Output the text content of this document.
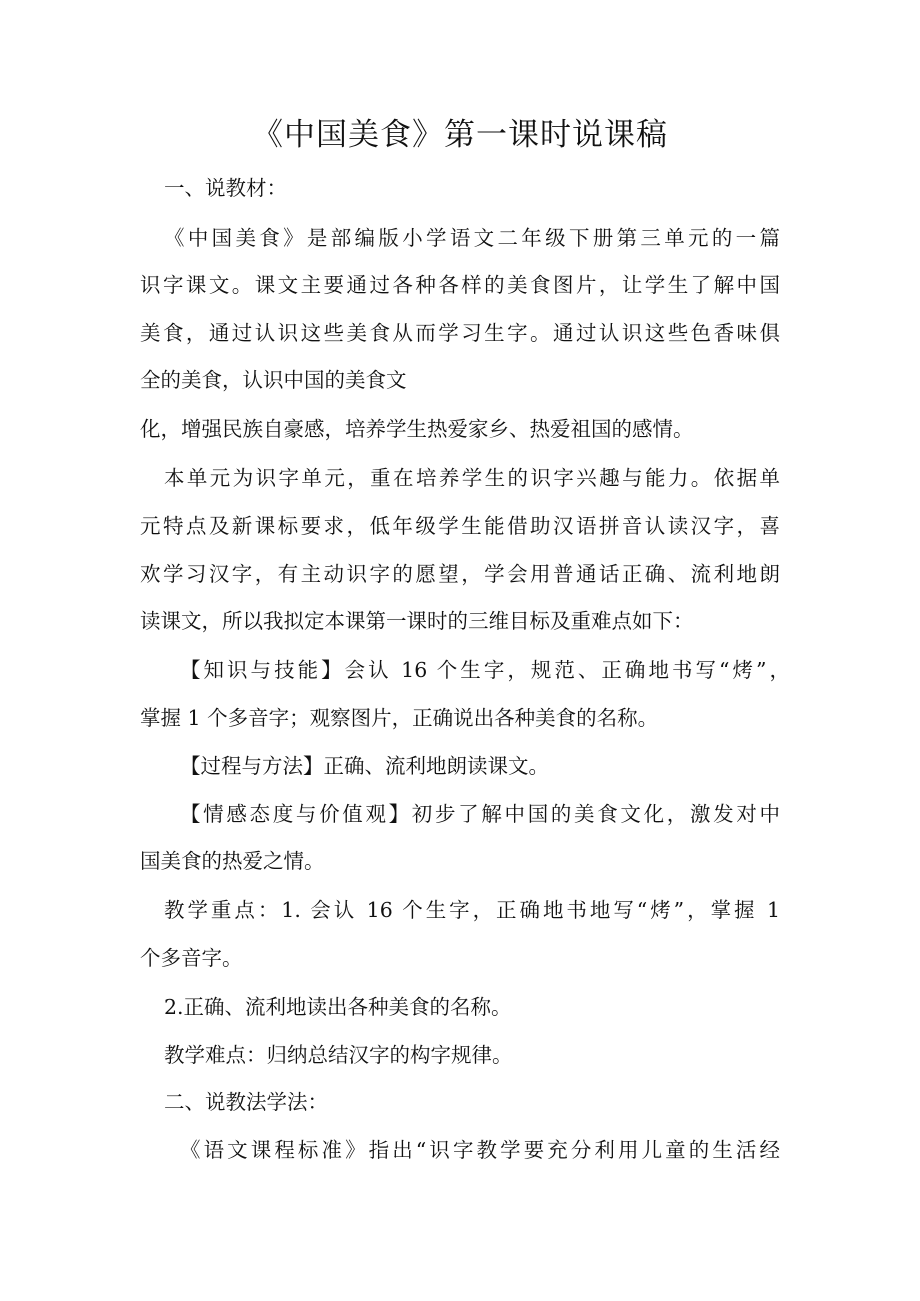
《中国美食》第一课时说课稿
一、说教材：
《中国美食》是部编版小学语文二年级下册第三单元的一篇
识字课文。课文主要通过各种各样的美食图片，让学生了解中国
美食，通过认识这些美食从而学习生字。通过认识这些色香味俱
全的美食，认识中国的美食文
化，增强民族自豪感，培养学生热爱家乡、热爱祖国的感情。
本单元为识字单元，重在培养学生的识字兴趣与能力。依据单
元特点及新课标要求，低年级学生能借助汉语拼音认读汉字，喜
欢学习汉字，有主动识字的愿望，学会用普通话正确、流利地朗
读课文，所以我拟定本课第一课时的三维目标及重难点如下：
【知识与技能】会认 16 个生字，规范、正确地书写“烤”，
掌握 1 个多音字；观察图片，正确说出各种美食的名称。
【过程与方法】正确、流利地朗读课文。
【情感态度与价值观】初步了解中国的美食文化，激发对中
国美食的热爱之情。
教学重点：1. 会认 16 个生字，正确地书地写“烤”，掌握 1
个多音字。
2.正确、流利地读出各种美食的名称。
教学难点：归纳总结汉字的构字规律。
二、说教法学法：
《语文课程标准》指出“识字教学要充分利用儿童的生活经
